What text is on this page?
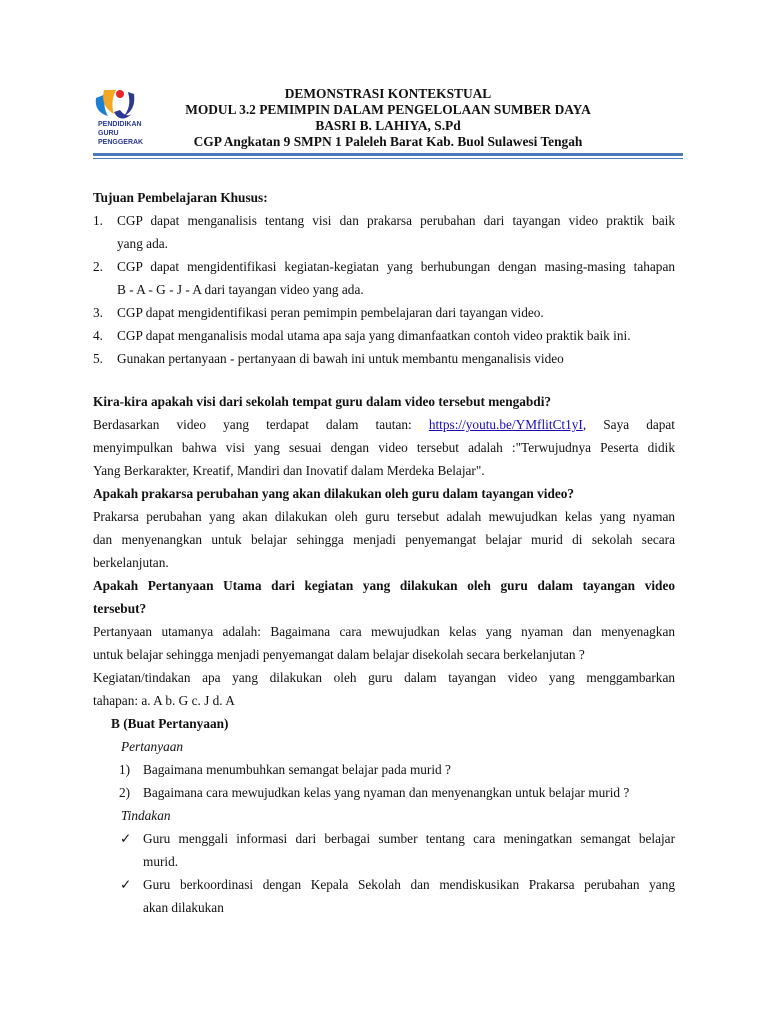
PENDIDIKAN
GURU
PENGGERAK
DEMONSTRASI KONTEKSTUAL
MODUL 3.2 PEMIMPIN DALAM PENGELOLAAN SUMBER DAYA
BASRI B. LAHIYA, S.Pd
CGP Angkatan 9 SMPN 1 Paleleh Barat Kab. Buol Sulawesi Tengah
Tujuan Pembelajaran Khusus:
1. CGP dapat menganalisis tentang visi dan prakarsa perubahan dari tayangan video praktik baik
yang ada.
2. CGP dapat mengidentifikasi kegiatan-kegiatan yang berhubungan dengan masing-masing tahapan
B - A - G - J - A dari tayangan video yang ada.
3. CGP dapat mengidentifikasi peran pemimpin pembelajaran dari tayangan video.
4. CGP dapat menganalisis modal utama apa saja yang dimanfaatkan contoh video praktik baik ini.
5. Gunakan pertanyaan - pertanyaan di bawah ini untuk membantu menganalisis video
Kira-kira apakah visi dari sekolah tempat guru dalam video tersebut mengabdi?
Berdasarkan video yang terdapat dalam tautan: https://youtu.be/YMflitCt1yI, Saya dapat
menyimpulkan bahwa visi yang sesuai dengan video tersebut adalah :"Terwujudnya Peserta didik
Yang Berkarakter, Kreatif, Mandiri dan Inovatif dalam Merdeka Belajar".
Apakah prakarsa perubahan yang akan dilakukan oleh guru dalam tayangan video?
Prakarsa perubahan yang akan dilakukan oleh guru tersebut adalah mewujudkan kelas yang nyaman
dan menyenangkan untuk belajar sehingga menjadi penyemangat belajar murid di sekolah secara
berkelanjutan.
Apakah Pertanyaan Utama dari kegiatan yang dilakukan oleh guru dalam tayangan video
tersebut?
Pertanyaan utamanya adalah: Bagaimana cara mewujudkan kelas yang nyaman dan menyenagkan
untuk belajar sehingga menjadi penyemangat dalam belajar disekolah secara berkelanjutan ?
Kegiatan/tindakan apa yang dilakukan oleh guru dalam tayangan video yang menggambarkan
tahapan: a. A b. G c. J d. A
B (Buat Pertanyaan)
Pertanyaan
1) Bagaimana menumbuhkan semangat belajar pada murid ?
2) Bagaimana cara mewujudkan kelas yang nyaman dan menyenangkan untuk belajar murid ?
Tindakan
✓ Guru menggali informasi dari berbagai sumber tentang cara meningatkan semangat belajar
murid.
✓ Guru berkoordinasi dengan Kepala Sekolah dan mendiskusikan Prakarsa perubahan yang
akan dilakukan
